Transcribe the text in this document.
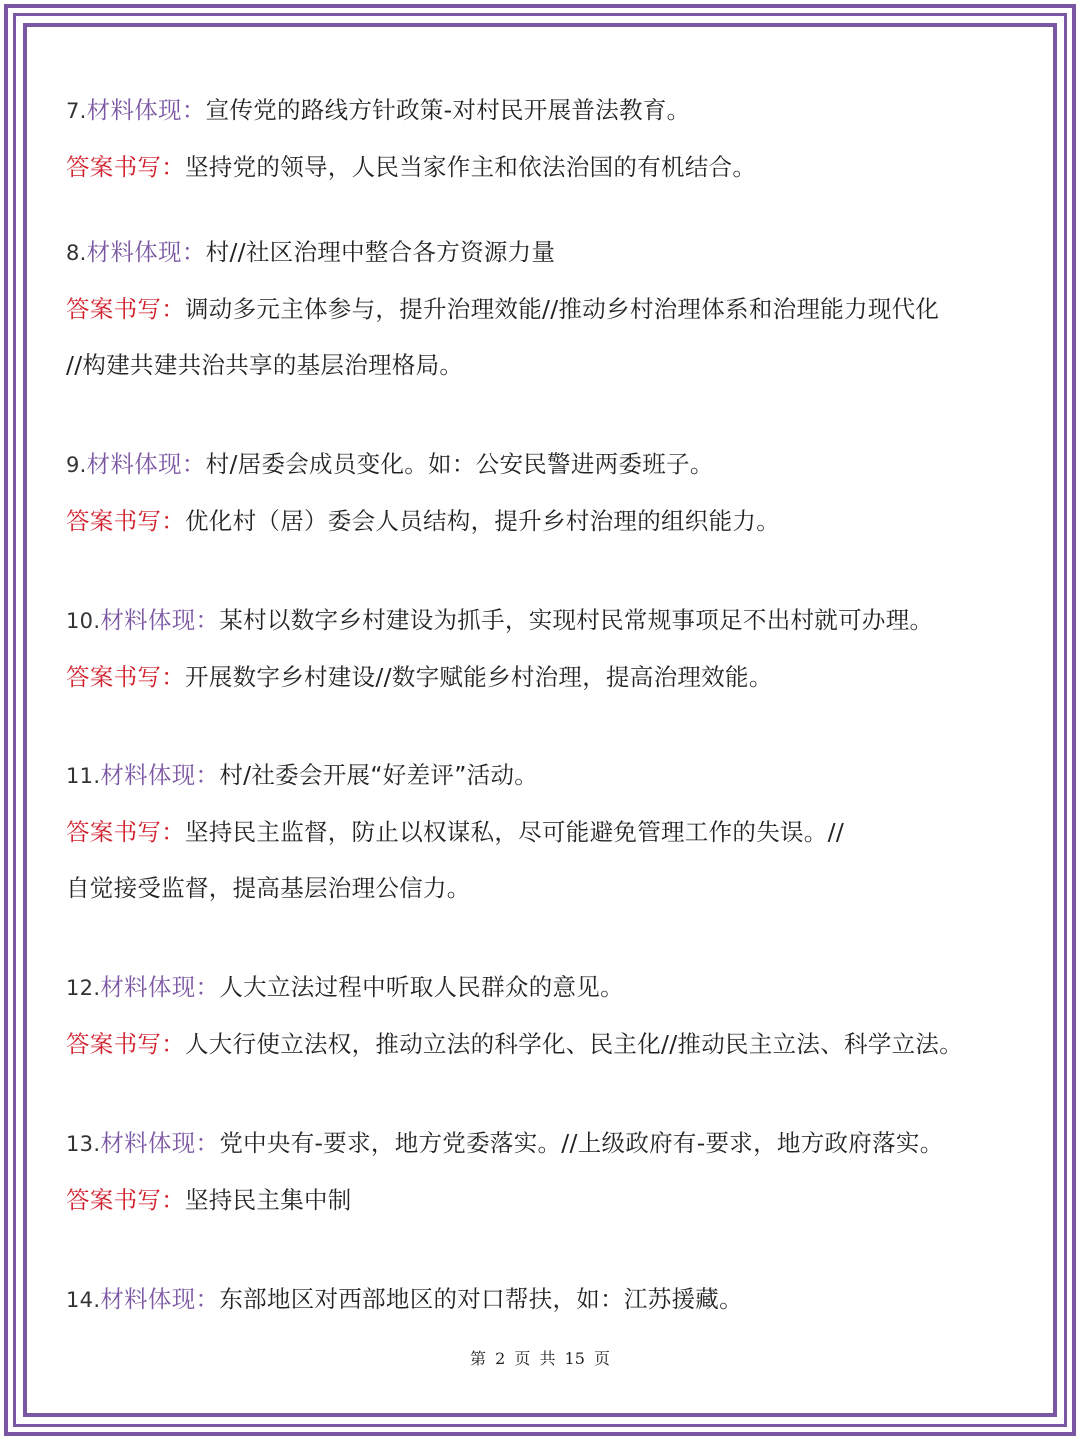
7.材料体现：宣传党的路线方针政策-对村民开展普法教育。
答案书写：坚持党的领导，人民当家作主和依法治国的有机结合。
8.材料体现：村//社区治理中整合各方资源力量
答案书写：调动多元主体参与，提升治理效能//推动乡村治理体系和治理能力现代化
//构建共建共治共享的基层治理格局。
9.材料体现：村/居委会成员变化。如：公安民警进两委班子。
答案书写：优化村（居）委会人员结构，提升乡村治理的组织能力。
10.材料体现：某村以数字乡村建设为抓手，实现村民常规事项足不出村就可办理。
答案书写：开展数字乡村建设//数字赋能乡村治理，提高治理效能。
11.材料体现：村/社委会开展“好差评”活动。
答案书写：坚持民主监督，防止以权谋私，尽可能避免管理工作的失误。//
自觉接受监督，提高基层治理公信力。
12.材料体现：人大立法过程中听取人民群众的意见。
答案书写：人大行使立法权，推动立法的科学化、民主化//推动民主立法、科学立法。
13.材料体现：党中央有-要求，地方党委落实。//上级政府有-要求，地方政府落实。
答案书写：坚持民主集中制
14.材料体现：东部地区对西部地区的对口帮扶，如：江苏援藏。
第 2 页 共 15 页
